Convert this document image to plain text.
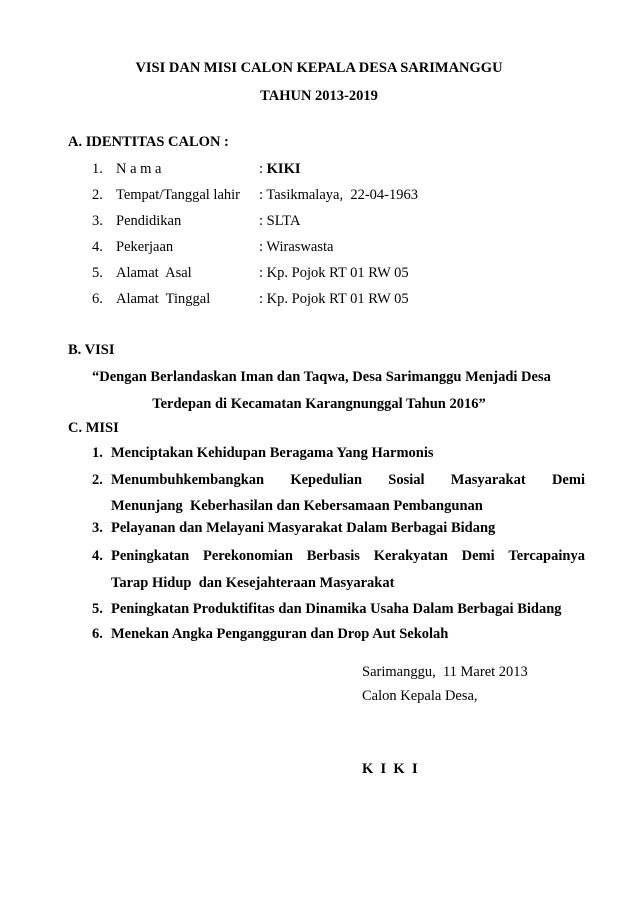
VISI DAN MISI CALON KEPALA DESA SARIMANGGU
TAHUN 2013-2019
A. IDENTITAS CALON :
1. N a m a	: KIKI
2. Tempat/Tanggal lahir : Tasikmalaya,  22-04-1963
3. Pendidikan	: SLTA
4. Pekerjaan	: Wiraswasta
5. Alamat  Asal	: Kp. Pojok RT 01 RW 05
6. Alamat  Tinggal	: Kp. Pojok RT 01 RW 05
B. VISI
“Dengan Berlandaskan Iman dan Taqwa, Desa Sarimanggu Menjadi Desa
Terdepan di Kecamatan Karangnunggal Tahun 2016”
C. MISI
1. Menciptakan Kehidupan Beragama Yang Harmonis
2. Menumbuhkembangkan Kepedulian Sosial Masyarakat Demi
Menunjang  Keberhasilan dan Kebersamaan Pembangunan
3. Pelayanan dan Melayani Masyarakat Dalam Berbagai Bidang
4. Peningkatan Perekonomian Berbasis Kerakyatan Demi Tercapainya
Tarap Hidup  dan Kesejahteraan Masyarakat
5. Peningkatan Produktifitas dan Dinamika Usaha Dalam Berbagai Bidang
6. Menekan Angka Pengangguran dan Drop Aut Sekolah
Sarimanggu,  11 Maret 2013
Calon Kepala Desa,
K  I  K  I
